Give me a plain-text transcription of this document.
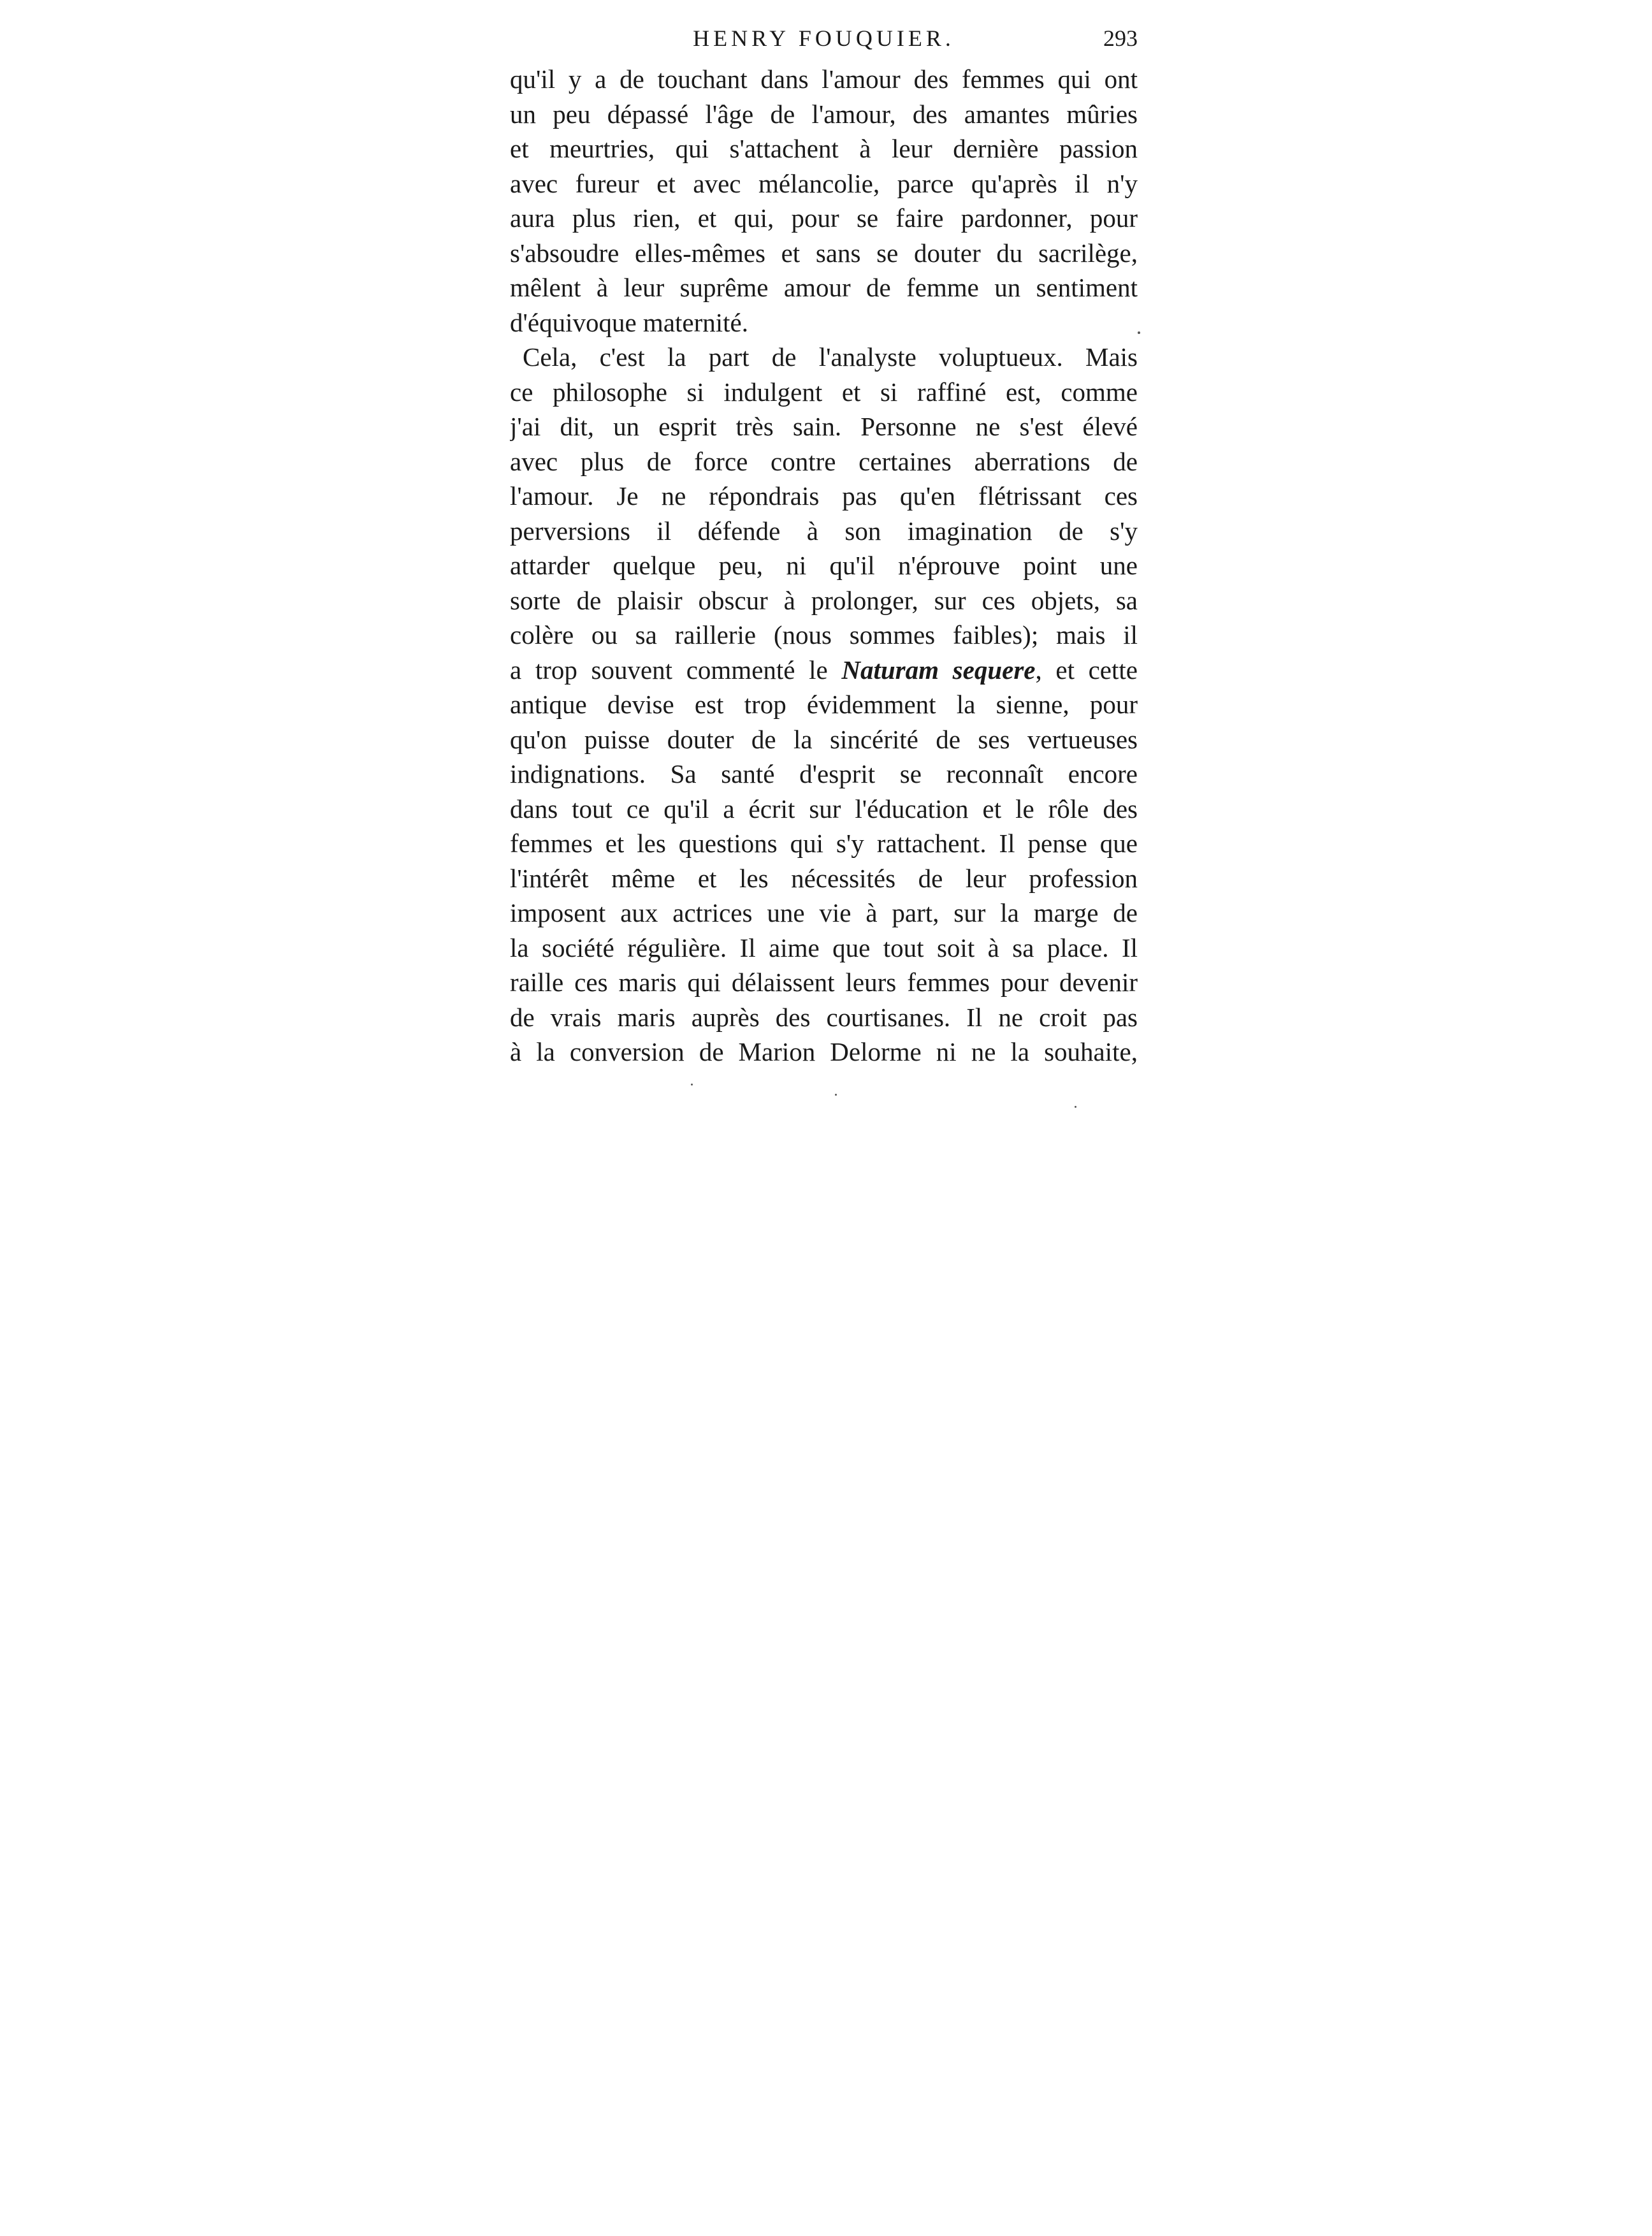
HENRY FOUQUIER.	293
qu'il y a de touchant dans l'amour des femmes qui ont
un peu dépassé l'âge de l'amour, des amantes mûries
et meurtries, qui s'attachent à leur dernière passion
avec fureur et avec mélancolie, parce qu'après il n'y
aura plus rien, et qui, pour se faire pardonner, pour
s'absoudre elles-mêmes et sans se douter du sacrilège,
mêlent à leur suprême amour de femme un sentiment
d'équivoque maternité.
Cela, c'est la part de l'analyste voluptueux. Mais
ce philosophe si indulgent et si raffiné est, comme
j'ai dit, un esprit très sain. Personne ne s'est élevé
avec plus de force contre certaines aberrations de
l'amour. Je ne répondrais pas qu'en flétrissant ces
perversions il défende à son imagination de s'y
attarder quelque peu, ni qu'il n'éprouve point une
sorte de plaisir obscur à prolonger, sur ces objets, sa
colère ou sa raillerie (nous sommes faibles); mais il
a trop souvent commenté le Naturam sequere, et cette
antique devise est trop évidemment la sienne, pour
qu'on puisse douter de la sincérité de ses vertueuses
indignations. Sa santé d'esprit se reconnaît encore
dans tout ce qu'il a écrit sur l'éducation et le rôle des
femmes et les questions qui s'y rattachent. Il pense que
l'intérêt même et les nécessités de leur profession
imposent aux actrices une vie à part, sur la marge de
la société régulière. Il aime que tout soit à sa place. Il
raille ces maris qui délaissent leurs femmes pour devenir
de vrais maris auprès des courtisanes. Il ne croit pas
à la conversion de Marion Delorme ni ne la souhaite,
